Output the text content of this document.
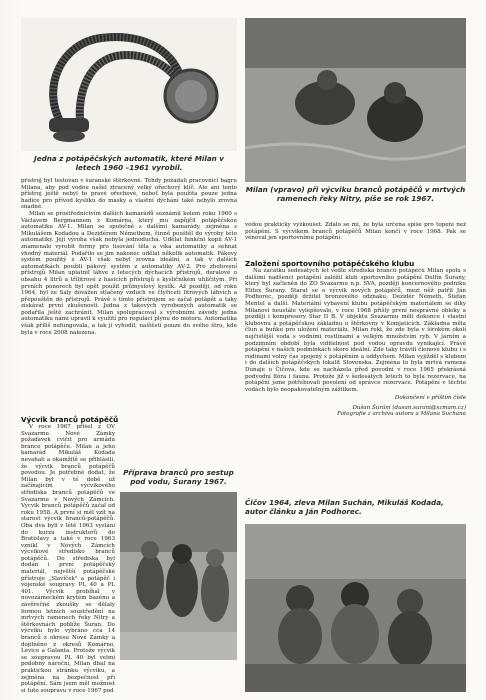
Jedna z potápěčských automatik, které Milan v letech 1960 –1961 vyrobil.
Milan (vpravo) při výcviku branců potápěčů v mrtvých ramenech řeky Nitry, píše se rok 1967.

přístroj byl testován v šuranské štěrkovně. Tehdy požádali pracovníci bagru Milana, aby pod vodou našel ztracený velký ořechový klíč. Ale ani tento přístroj ještě nebyl to pravé ořechové, neboť byla použita pouze jedna hadice pro přívod kyslíku do masky a vlastní dýchání také nebylo zrovna snadné.

Milan se prostřednictvím dalších kamarádů seznámil kolem roku 1960 s Václavem Bergmannem z Komárna, který mu zapůjčil potápěčskou automatiku AV-1. Milan se společně s dalšími kamarády, zejména s Mikulášem Kodadou a Dezidérem Némethem, činně pouštěl do výroby této automatiky. Její výroba však nebyla jednoduchá. Udělat funkční kopii AV-1 znamenalo vyrobit formy pro lisování těla a víka automatiky a sehnat vhodný materiál. Podařilo se jim nakonec udělat několik automatik. Pákový systém použitý z AV-1 však nebyl zrovna ideální, a tak v dalších automatikách použili pákový systém z automatiky AV-2. Pro zhotovení přístrojů Milan uplatnil láhve z letecých dýchacích přístrojů, duralové o obsahu 4 litrů a třílitrové z hasicích přístrojů s kysličníkem uhličitým. Při prvních ponorech byl opět použit průmyslový kyslík. Až později, od roku 1964, byl ze Saly dovážen stlačený vzduch ve čtyřiceti litrových láhvích a přepouštěn do přístrojů. Právě s tímto přístrojem se začal potápět a taky získávat první zkušenosti. Jedna z takových vyrobených automatik se podařila ještě zachránit. Milan spolupracoval s výrobními závody jedna automatiku námi upravil k využití pro regulaci plynu do motoru. Automatika však příliš nefungovala, a tak jí vyhodil, naštěstí pouze do svého štru, kde byla v roce 2008 nalezena.

Výcvik branců potápěčů

V roce 1967 přišel z OV Svazarmu Nové Zámky požadavek cvičit pro armádu brance potápěče. Milan a jeho kamarád Mikuláš Kodada nevahali a okamžitě se přihlásili, že výcvik branců potápěčů povedou. Je potřebné dodat, že Milan byl v té době už začínajícím výcvikového střediska branců potápěčů ve Svazarmu v Nových Zámcích. Výcvik branců potápěčů začal od roku 1958. A první si měl vzít na starost výcvik branců-potápěčů. Oba dva byli v létě 1963 vysláni do kurzu instruktorů do Bratislavy a také v roce 1963 vznikl v Nových Zámcích výcvikové středisko branců potápěčů. Do střediska byl dodán i první potápěčský materiál, největší potápěčské přístroje „Slavíček" a potápěč i vojenské soupravy PL 40 a PL 401. Výcvik probíhal v novozámeckém krytém bazénu a závěrečné zkoušky se dělaly formou letních soustředění na mrtvých ramenech řeky Nitry a štěrkovnách poblíže Šuran. Do výcviku bylo vybráno cca 14 branců z okresu Nové Zámky a doplněno z okresů Komárno, Levice a Galanta. Protože výcvik se soupravou PL 40 byl velmi podobný nároční, Milan dbal na praktickou stránku výcviku, a zejména na bezpečnost při potápění. Sám jsem měl možnost si tuto soupravu v roce 1967 pod

Příprava branců pro sestup pod vodu, Šurany 1967.

vodou prakticky vyzkoušet. Zdálo se mi, že byla určena spíše pro topení než potápění. S výcvikem branců potápěčů Milan končí v roce 1968. Pak se věnoval jen sportovnímu potápění.

Založení sportovního potápěčského klubu

Na začátku šedesátých let vedle střediska branců potápěčů Milan spolu s dalšími nadšenci potápění založil klub sportovního potápění Delfín Šurany, který byl začleněn do ZO Svazarmu n.p. SVA, později koncernového podniku Elitex Šurany. Starat se o výcvik nových potápěčů, mezi něž patřil Ján Podhorec, později držitel bronzového odznaku, Dezidér Németh, Štefan Mentel a další. Materiální vybavení klubu potápěčským materiálem se díky Milanovi neustále vylepšovalo, v roce 1968 přišly první nesprávné obleky a později i kompresory Star II B. V objektu Svazarmu měli dokonce i vlastní klubovnu a potápěčskou základnu u štěrkovny v Komjaticích. Základna měla člun a buňku pro uložení materiálu. Milan řekl, že zde byla v širokém okolí nejčistější voda s vodními rostlinami a velkým množstvím ryb. V jarním a podzimním období byla viditelnost pod vodou opravdu vynikající. Právě potápění v našich podmínkách skoro ideální. Zde taky trávili členové klubu i s rodinami volný čas spojený s potápěním a oddychem. Milan vyjížděl s klubem i do dalších potápěčských lokalit Slovenska. Zejména to byla mrtvá ramena Dunaje u Čičova, kde se nacházela před povodní v roce 1965 překrásná podvodní flóra i fauna. Protože již v šedesátých letech to byla rezervace, na potápění jsme potřebovali povolení od správce rezervace. Potápění v těchto vodách bylo neopakovatelným zážitkem.

Dokončení v příštím čísle
Dušan Šuráni (dusan.surani@szmam.cz)
Fotografie z archivu autora a Milana Suchána
Čičov 1964, zleva Milan Suchán, Mikuláš Kodada, autor článku a Ján Podhorec.
